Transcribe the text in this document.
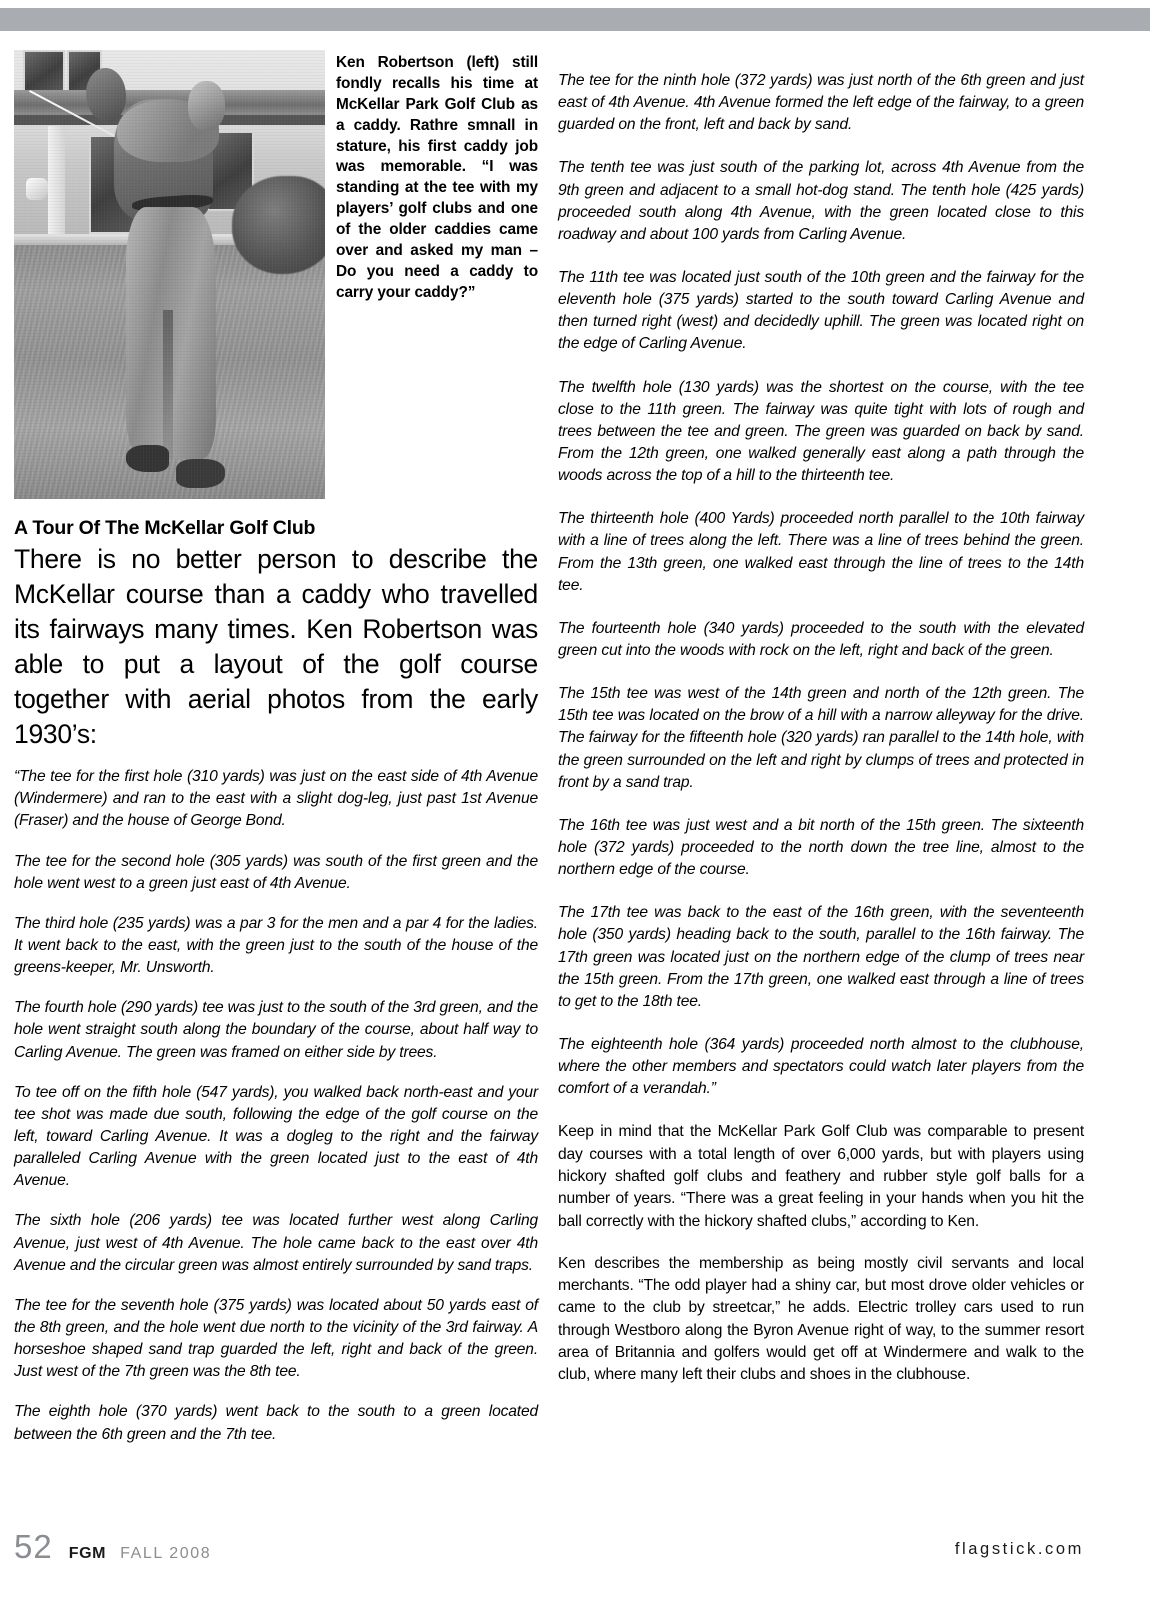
Ken Robertson (left) still fondly recalls his time at McKellar Park Golf Club as a caddy. Rathre smnall in stature, his first caddy job was memorable. “I was standing at the tee with my players’ golf clubs and one of the older caddies came over and asked my man – Do you need a caddy to carry your caddy?”
A Tour Of The McKellar Golf Club
There is no better person to describe the McKellar course than a caddy who travelled its fairways many times. Ken Robertson was able to put a layout of the golf course together with aerial photos from the early 1930’s:
“The tee for the first hole (310 yards) was just on the east side of 4th Avenue (Windermere) and ran to the east with a slight dog-leg, just past 1st Avenue (Fraser) and the house of George Bond.
The tee for the second hole (305 yards) was south of the first green and the hole went west to a green just east of 4th Avenue.
The third hole (235 yards) was a par 3 for the men and a par 4 for the ladies. It went back to the east, with the green just to the south of the house of the greens-keeper, Mr. Unsworth.
The fourth hole (290 yards) tee was just to the south of the 3rd green, and the hole went straight south along the boundary of the course, about half way to Carling Avenue. The green was framed on either side by trees.
To tee off on the fifth hole (547 yards), you walked back north-east and your tee shot was made due south, following the edge of the golf course on the left, toward Carling Avenue. It was a dogleg to the right and the fairway paralleled Carling Avenue with the green located just to the east of 4th Avenue.
The sixth hole (206 yards) tee was located further west along Carling Avenue, just west of 4th Avenue. The hole came back to the east over 4th Avenue and the circular green was almost entirely surrounded by sand traps.
The tee for the seventh hole (375 yards) was located about 50 yards east of the 8th green, and the hole went due north to the vicinity of the 3rd fairway. A horseshoe shaped sand trap guarded the left, right and back of the green. Just west of the 7th green was the 8th tee.
The eighth hole (370 yards) went back to the south to a green located between the 6th green and the 7th tee.
The tee for the ninth hole (372 yards) was just north of the 6th green and just east of 4th Avenue. 4th Avenue formed the left edge of the fairway, to a green guarded on the front, left and back by sand.
The tenth tee was just south of the parking lot, across 4th Avenue from the 9th green and adjacent to a small hot-dog stand. The tenth hole (425 yards) proceeded south along 4th Avenue, with the green located close to this roadway and about 100 yards from Carling Avenue.
The 11th tee was located just south of the 10th green and the fairway for the eleventh hole (375 yards) started to the south toward Carling Avenue and then turned right (west) and decidedly uphill. The green was located right on the edge of Carling Avenue.
The twelfth hole (130 yards) was the shortest on the course, with the tee close to the 11th green. The fairway was quite tight with lots of rough and trees between the tee and green. The green was guarded on back by sand. From the 12th green, one walked generally east along a path through the woods across the top of a hill to the thirteenth tee.
The thirteenth hole (400 Yards) proceeded north parallel to the 10th fairway with a line of trees along the left. There was a line of trees behind the green. From the 13th green, one walked east through the line of trees to the 14th tee.
The fourteenth hole (340 yards) proceeded to the south with the elevated green cut into the woods with rock on the left, right and back of the green.
The 15th tee was west of the 14th green and north of the 12th green. The 15th tee was located on the brow of a hill with a narrow alleyway for the drive. The fairway for the fifteenth hole (320 yards) ran parallel to the 14th hole, with the green surrounded on the left and right by clumps of trees and protected in front by a sand trap.
The 16th tee was just west and a bit north of the 15th green. The sixteenth hole (372 yards) proceeded to the north down the tree line, almost to the northern edge of the course.
The 17th tee was back to the east of the 16th green, with the seventeenth hole (350 yards) heading back to the south, parallel to the 16th fairway. The 17th green was located just on the northern edge of the clump of trees near the 15th green. From the 17th green, one walked east through a line of trees to get to the 18th tee.
The eighteenth hole (364 yards) proceeded north almost to the clubhouse, where the other members and spectators could watch later players from the comfort of a verandah.”
Keep in mind that the McKellar Park Golf Club was comparable to present day courses with a total length of over 6,000 yards, but with players using hickory shafted golf clubs and feathery and rubber style golf balls for a number of years. “There was a great feeling in your hands when you hit the ball correctly with the hickory shafted clubs,” according to Ken.
Ken describes the membership as being mostly civil servants and local merchants. “The odd player had a shiny car, but most drove older vehicles or came to the club by streetcar,” he adds. Electric trolley cars used to run through Westboro along the Byron Avenue right of way, to the summer resort area of Britannia and golfers would get off at Windermere and walk to the club, where many left their clubs and shoes in the clubhouse.
52 FGM FALL 2008	flagstick.com
